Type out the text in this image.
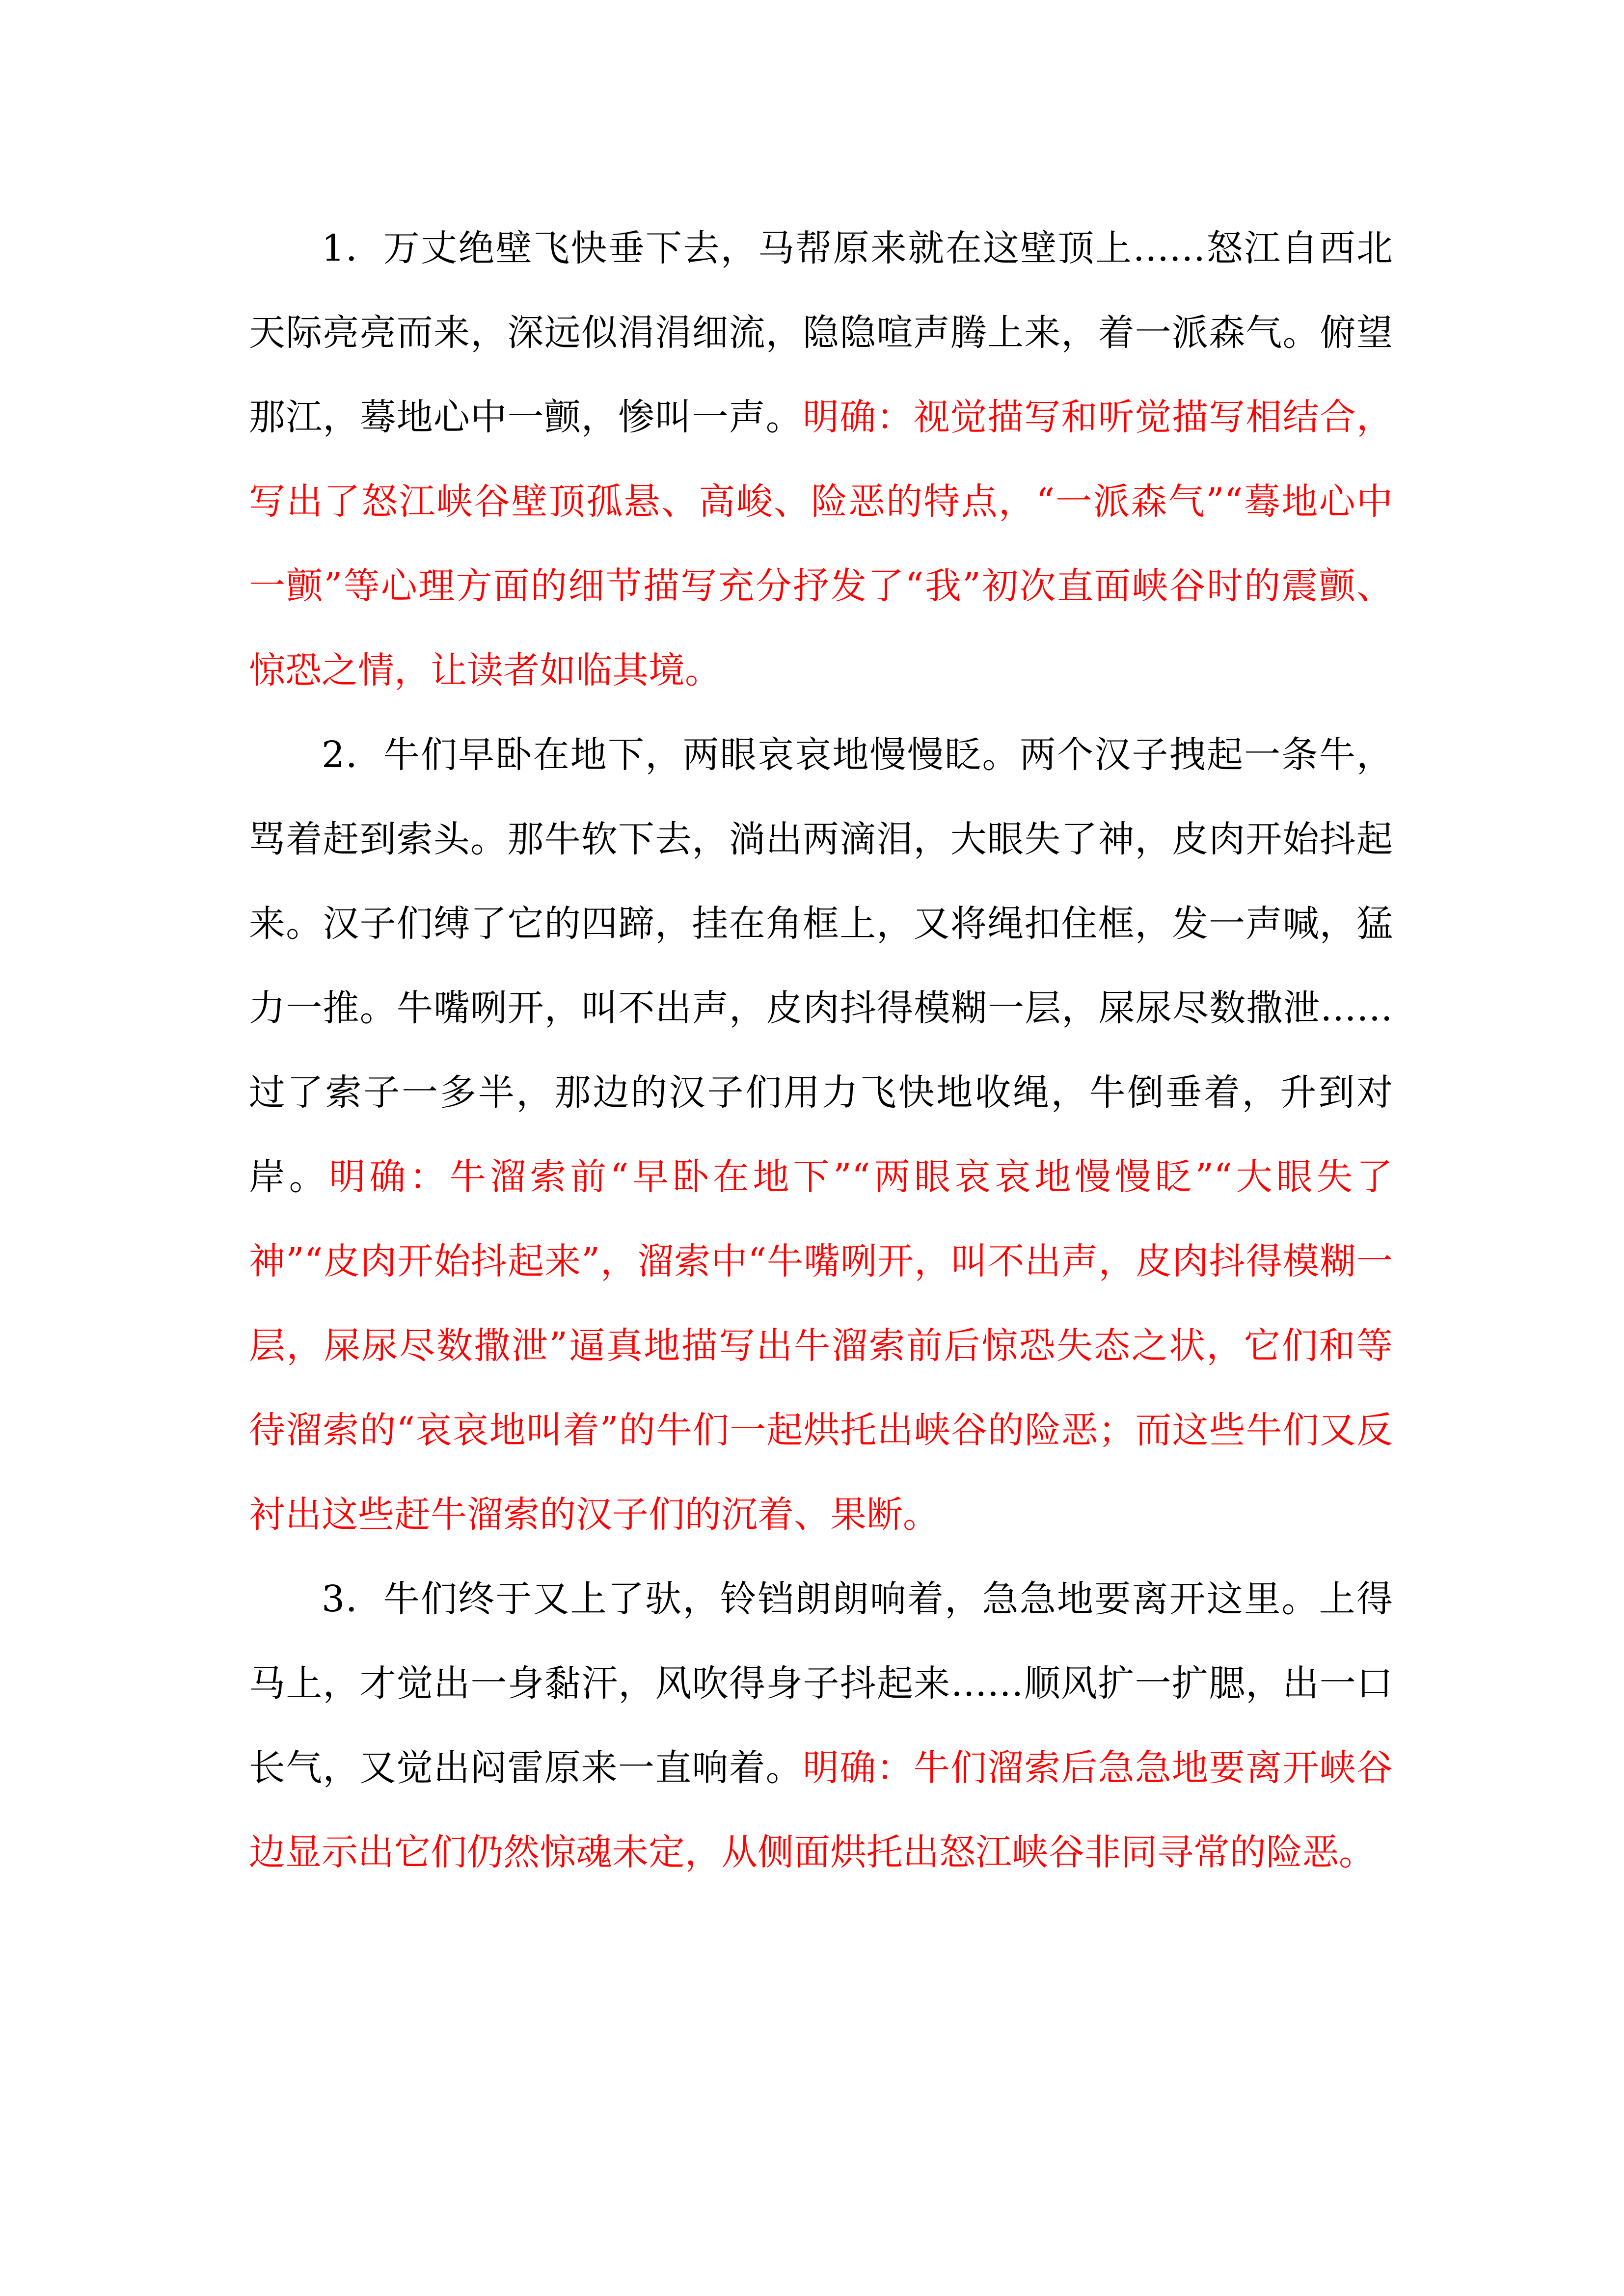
1．万丈绝壁飞快垂下去，马帮原来就在这壁顶上……怒江自西北天际亮亮而来，深远似涓涓细流，隐隐喧声腾上来，着一派森气。俯望那江，蓦地心中一颤，惨叫一声。明确：视觉描写和听觉描写相结合，写出了怒江峡谷壁顶孤悬、高峻、险恶的特点，“一派森气”“蓦地心中一颤”等心理方面的细节描写充分抒发了“我”初次直面峡谷时的震颤、惊恐之情，让读者如临其境。

2．牛们早卧在地下，两眼哀哀地慢慢眨。两个汉子拽起一条牛，骂着赶到索头。那牛软下去，淌出两滴泪，大眼失了神，皮肉开始抖起来。汉子们缚了它的四蹄，挂在角框上，又将绳扣住框，发一声喊，猛力一推。牛嘴咧开，叫不出声，皮肉抖得模糊一层，屎尿尽数撒泄……过了索子一多半，那边的汉子们用力飞快地收绳，牛倒垂着，升到对岸。明确：牛溜索前“早卧在地下”“两眼哀哀地慢慢眨”“大眼失了神”“皮肉开始抖起来”，溜索中“牛嘴咧开，叫不出声，皮肉抖得模糊一层，屎尿尽数撒泄”逼真地描写出牛溜索前后惊恐失态之状，它们和等待溜索的“哀哀地叫着”的牛们一起烘托出峡谷的险恶；而这些牛们又反衬出这些赶牛溜索的汉子们的沉着、果断。

3．牛们终于又上了驮，铃铛朗朗响着，急急地要离开这里。上得马上，才觉出一身黏汗，风吹得身子抖起来……顺风扩一扩腮，出一口长气，又觉出闷雷原来一直响着。明确：牛们溜索后急急地要离开峡谷边显示出它们仍然惊魂未定，从侧面烘托出怒江峡谷非同寻常的险恶。
